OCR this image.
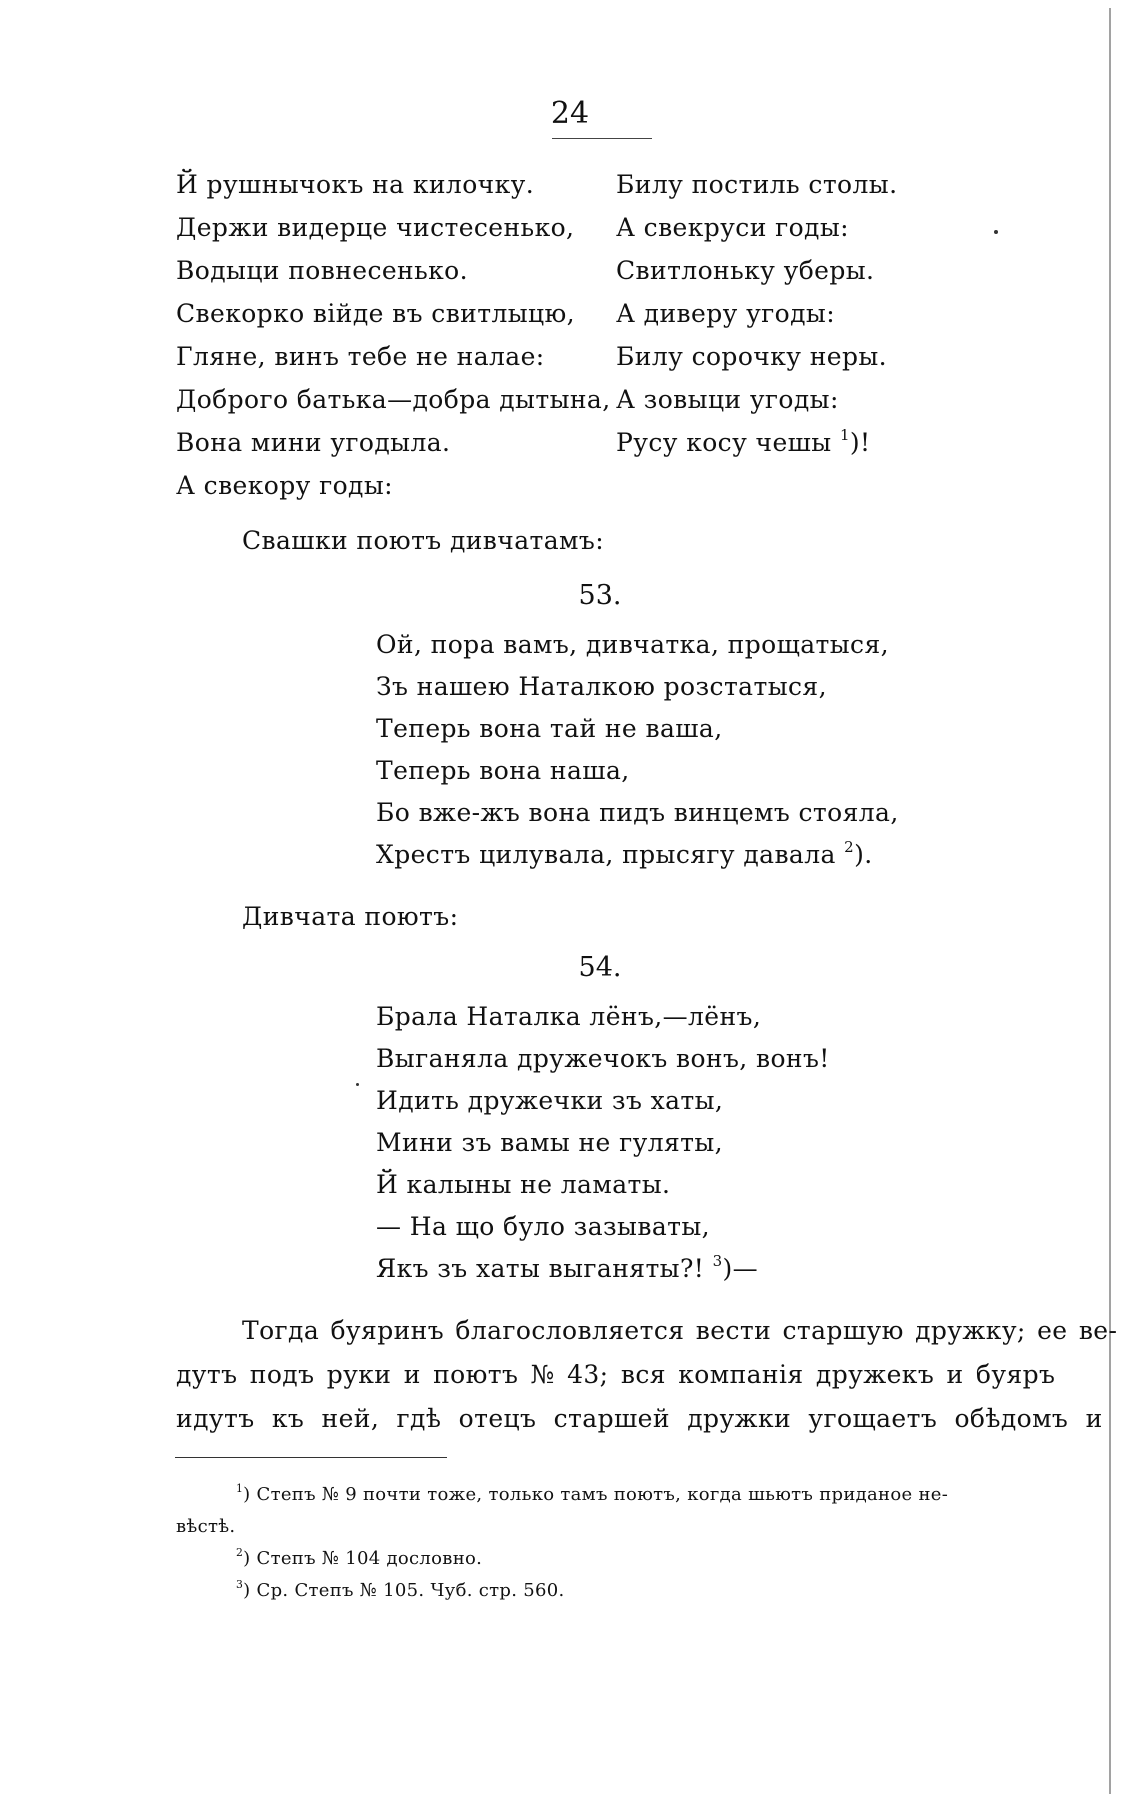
24
Й рушнычокъ на килочку.
Держи видерце чистесенько,
Водыци повнесенько.
Свекорко війде въ свитлыцю,
Гляне, винъ тебе не налае:
Доброго батька—добра дытына,
Вона мини угодыла.
А свекору годы:
Билу постиль столы.
А свекруси годы:
Свитлоньку уберы.
А диверу угоды:
Билу сорочку неры.
А зовыци угоды:
Русу косу чешы $^1$)!
Свашки поютъ дивчатамъ:
53.
Ой, пора вамъ, дивчатка, прощатыся,
Зъ нашею Наталкою розстатыся,
Теперь вона тай не ваша,
Теперь вона наша,
Бо вже-жъ вона пидъ винцемъ стояла,
Хрестъ цилувала, прысягу давала $^2$).
Дивчата поютъ:
54.
Брала Наталка лёнъ,—лёнъ,
Выганяла дружечокъ вонъ, вонъ!
Идить дружечки зъ хаты,
Мини зъ вамы не гуляты,
Й калыны не ламаты.
— На що було зазываты,
Якъ зъ хаты выганяты?! $^3$)—
Тогда буяринъ благословляется вести старшую дружку; ее ве-
дутъ подъ руки и поютъ № 43; вся компанія дружекъ и буяръ
идутъ къ ней, гдѣ отецъ старшей дружки угощаетъ обѣдомъ и
$^1$) Степъ № 9 почти тоже, только тамъ поютъ, когда шьютъ приданое не-
вѣстѣ.
$^2$) Степъ № 104 дословно.
$^3$) Ср. Степъ № 105. Чуб. стр. 560.
